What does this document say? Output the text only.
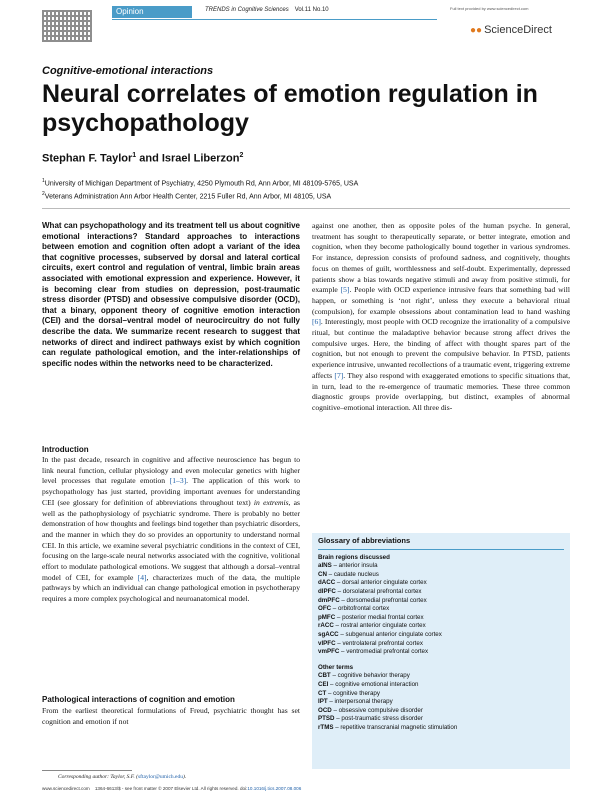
Opinion	TRENDS in Cognitive Sciences Vol.11 No.10	Full text provided by www.sciencedirect.com
●● ScienceDirect
Cognitive-emotional interactions
Neural correlates of emotion regulation in psychopathology
Stephan F. Taylor$^1$ and Israel Liberzon$^2$
$^1$University of Michigan Department of Psychiatry, 4250 Plymouth Rd, Ann Arbor, MI 48109-5765, USA
$^2$Veterans Administration Ann Arbor Health Center, 2215 Fuller Rd, Ann Arbor, MI 48105, USA

What can psychopathology and its treatment tell us about cognitive emotional interactions? Standard approaches to interactions between emotion and cognition often adopt a variant of the idea that cognitive processes, subserved by dorsal and lateral cortical circuits, exert control and regulation of ventral, limbic brain areas associated with emotional expression and experience. However, it is becoming clear from studies on depression, post-traumatic stress disorder (PTSD) and obsessive compulsive disorder (OCD), that a binary, opponent theory of cognitive emotion interaction (CEI) and the dorsal–ventral model of neurocircuitry do not fully describe the data. We summarize recent research to suggest that networks of direct and indirect pathways exist by which cognition can regulate pathological emotion, and the inter-relationships of specific nodes within the networks need to be characterized.

Introduction

In the past decade, research in cognitive and affective neuroscience has begun to link neural function, cellular physiology and even molecular genetics with higher level processes that regulate emotion [1–3]. The application of this work to psychopathology has just started, providing important avenues for understanding CEI (see glossary for definition of abbreviations throughout text) in extremis, as well as the pathophysiology of psychiatric syndrome. There is probably no better demonstration of how thoughts and feelings bind together than psychiatric disorders, and the manner in which they do so provides an opportunity to understand normal CEI. In this article, we examine several psychiatric conditions in the context of CEI, focusing on the large-scale neural networks associated with the cognitive, volitional effort to modulate pathological emotions. We suggest that although a dorsal–ventral model of CEI, for example [4], characterizes much of the data, the multiple pathways by which an individual can change pathological emotion in psychotherapy requires a more complex psychological and neuroanatomical model.

Pathological interactions of cognition and emotion

From the earliest theoretical formulations of Freud, psychiatric thought has set cognition and emotion if not

against one another, then as opposite poles of the human psyche. In general, treatment has sought to therapeutically separate, or better integrate, emotion and cognition, when they become pathologically bound together in various syndromes. For instance, depression consists of profound sadness, and cognitively, thoughts focus on themes of guilt, worthlessness and self-doubt. Experimentally, depressed patients show a bias towards negative stimuli and away from positive stimuli, for example [5]. People with OCD experience intrusive fears that something bad will happen, or something is ‘not right’, unless they execute a behavioral ritual (compulsion), for example obsessions about contamination lead to hand washing [6]. Interestingly, most people with OCD recognize the irrationality of a compulsive ritual, but continue the maladaptive behavior because strong affect drives the compulsive urges. Here, the binding of affect with thought spares part of the cognition, but not enough to prevent the compulsive behavior. In PTSD, patients experience intrusive, unwanted recollections of a traumatic event, triggering extreme affects [7]. They also respond with exaggerated emotions to specific situations that, in turn, lead to the re-emergence of traumatic memories. These three common diagnostic groups provide overlapping, but distinct, examples of abnormal cognitive–emotional interaction. All three dis-

Glossary of abbreviations
Brain regions discussed
aINS – anterior insula
CN – caudate nucleus
dACC – dorsal anterior cingulate cortex
dlPFC – dorsolateral prefrontal cortex
dmPFC – dorsomedial prefrontal cortex
OFC – orbitofrontal cortex
pMFC – posterior medial frontal cortex
rACC – rostral anterior cingulate cortex
sgACC – subgenual anterior cingulate cortex
vlPFC – ventrolateral prefrontal cortex
vmPFC – ventromedial prefrontal cortex
Other terms
CBT – cognitive behavior therapy
CEI – cognitive emotional interaction
CT – cognitive therapy
IPT – interpersonal therapy
OCD – obsessive compulsive disorder
PTSD – post-traumatic stress disorder
rTMS – repetitive transcranial magnetic stimulation
Corresponding author: Taylor, S.F. (sftaylor@umich.edu).
www.sciencedirect.com 1364-6613/$ - see front matter © 2007 Elsevier Ltd. All rights reserved. doi:10.1016/j.tics.2007.08.006
